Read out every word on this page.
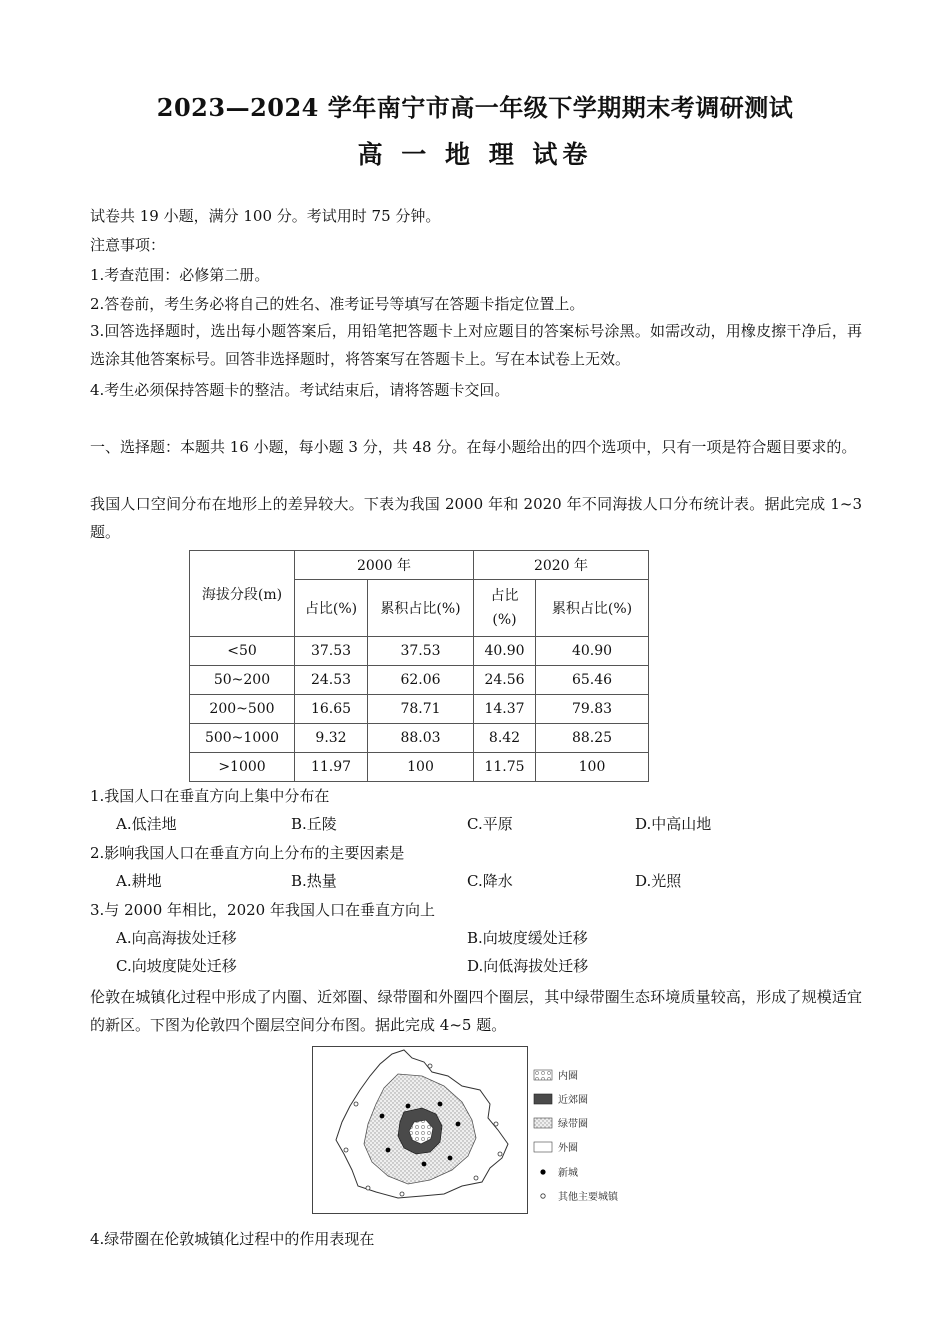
2023—2024 学年南宁市高一年级下学期期末考调研测试
高 一 地 理 试卷
试卷共 19 小题，满分 100 分。考试用时 75 分钟。
注意事项：
1.考查范围：必修第二册。
2.答卷前，考生务必将自己的姓名、准考证号等填写在答题卡指定位置上。
3.回答选择题时，选出每小题答案后，用铅笔把答题卡上对应题目的答案标号涂黑。如需改动，用橡皮擦干净后，再选涂其他答案标号。回答非选择题时，将答案写在答题卡上。写在本试卷上无效。
4.考生必须保持答题卡的整洁。考试结束后，请将答题卡交回。
一、选择题：本题共 16 小题，每小题 3 分，共 48 分。在每小题给出的四个选项中，只有一项是符合题目要求的。
我国人口空间分布在地形上的差异较大。下表为我国 2000 年和 2020 年不同海拔人口分布统计表。据此完成 1~3 题。
海拔分段(m)	2000 年		2020 年	
	占比(%)	累积占比(%)	占比
(%)	累积占比(%)
<50	37.53	37.53	40.90	40.90
50~200	24.53	62.06	24.56	65.46
200~500	16.65	78.71	14.37	79.83
500~1000	9.32	88.03	8.42	88.25
>1000	11.97	100	11.75	100
1.我国人口在垂直方向上集中分布在
A.低洼地	B.丘陵	C.平原	D.中高山地
2.影响我国人口在垂直方向上分布的主要因素是
A.耕地	B.热量	C.降水	D.光照
3.与 2000 年相比，2020 年我国人口在垂直方向上
A.向高海拔处迁移	B.向坡度缓处迁移
C.向坡度陡处迁移	D.向低海拔处迁移
伦敦在城镇化过程中形成了内圈、近郊圈、绿带圈和外圈四个圈层，其中绿带圈生态环境质量较高，形成了规模适宜的新区。下图为伦敦四个圈层空间分布图。据此完成 4~5 题。
内圈
近郊圈
绿带圈
外圈
新城
其他主要城镇
4.绿带圈在伦敦城镇化过程中的作用表现在
